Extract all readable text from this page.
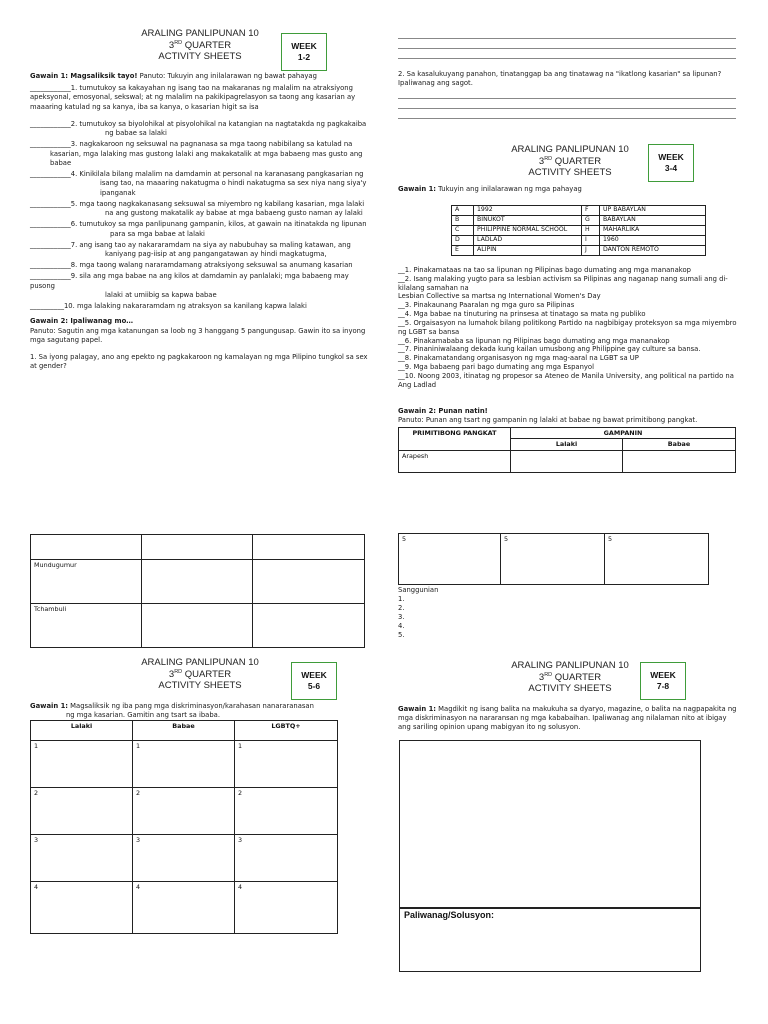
ARALING PANLIPUNAN 10
3RD QUARTER
ACTIVITY SHEETS
WEEK
1-2

Gawain 1: Magsaliksik tayo! Panuto: Tukuyin ang inilalarawan ng bawat pahayag

____________1. tumutukoy sa kakayahan ng isang tao na makaranas ng malalim na atraksiyong apeksyonal, emosyonal, sekswal; at ng malalim na pakikipagrelasyon sa taong ang kasarian ay maaaring katulad ng sa kanya, iba sa kanya, o kasarian higit sa isa

____________2. tumutukoy sa biyolohikal at pisyolohikal na katangian na nagtatakda ng pagkakaiba

ng babae sa lalaki

____________3. nagkakaroon ng seksuwal na pagnanasa sa mga taong nabibilang sa katulad na

kasarian, mga lalaking mas gustong lalaki ang makakatalik at mga babaeng mas gusto ang babae

____________4. Kinikilala bilang malalim na damdamin at personal na karanasang pangkasarian ng

isang tao, na maaaring nakatugma o hindi nakatugma sa sex niya nang siya'y ipanganak

____________5. mga taong nagkakanasang seksuwal sa miyembro ng kabilang kasarian, mga lalaki

na ang gustong makatalik ay babae at mga babaeng gusto naman ay lalaki

____________6. tumutukoy sa mga panlipunang gampanin, kilos, at gawain na itinatakda ng lipunan

para sa mga babae at lalaki

____________7. ang isang tao ay nakararamdam na siya ay nabubuhay sa maling katawan, ang

kaniyang pag-iisip at ang pangangatawan ay hindi magkatugma,

____________8. mga taong walang nararamdamang atraksiyong seksuwal sa anumang kasarian

____________9. sila ang mga babae na ang kilos at damdamin ay panlalaki; mga babaeng may pusong

lalaki at umiibig sa kapwa babae

__________10. mga lalaking nakararamdam ng atraksyon sa kanilang kapwa lalaki

Gawain 2: Ipaliwanag mo…

Panuto: Sagutin ang mga katanungan sa loob ng 3 hanggang 5 pangungusap. Gawin ito sa inyong mga sagutang papel.

1. Sa iyong palagay, ano ang epekto ng pagkakaroon ng kamalayan ng mga Pilipino tungkol sa sex at gender?

2. Sa kasalukuyang panahon, tinatanggap ba ang tinatawag na "ikatlong kasarian" sa lipunan? Ipaliwanag ang sagot.
ARALING PANLIPUNAN 10
3RD QUARTER
ACTIVITY SHEETS
WEEK
3-4
Gawain 1: Tukuyin ang inilalarawan ng mga pahayag
A	1992	F	UP BABAYLAN
B	BINUKOT	G	BABAYLAN
C	PHILIPPINE NORMAL SCHOOL	H	MAHARLIKA
D	LADLAD	I	1960
E	ALIPIN	J	DANTON REMOTO

__1. Pinakamataas na tao sa lipunan ng Pilipinas bago dumating ang mga mananakop

__2. Isang malaking yugto para sa lesbian activism sa Pilipinas ang naganap nang sumali ang di-kilalang samahan na

Lesbian Collective sa martsa ng International Women's Day

__3. Pinakaunang Paaralan ng mga guro sa Pilipinas

__4. Mga babae na tinuturing na prinsesa at tinatago sa mata ng publiko

__5. Orgaisasyon na lumahok bilang politikong Partido na nagbibigay proteksyon sa mga miyembro ng LGBT sa bansa

__6. Pinakamababa sa lipunan ng Pilipinas bago dumating ang mga mananakop

__7. Pinaniniwalaang dekada kung kailan umusbong ang Philippine gay culture sa bansa.

__8. Pinakamatandang organisasyon ng mga mag-aaral na LGBT sa UP

__9. Mga babaeng pari bago dumating ang mga Espanyol

__10. Noong 2003, itinatag ng propesor sa Ateneo de Manila University, ang political na partido na Ang Ladlad

Gawain 2: Punan natin!

Panuto: Punan ang tsart ng gampanin ng lalaki at babae ng bawat primitibong pangkat.

PRIMITIBONG PANGKAT	GAMPANIN	
	Lalaki	Babae
Arapesh		

Mundugumur		
Tchambuli		
5	5	5

Sanggunian

1.

2.

3.

4.

5.

ARALING PANLIPUNAN 10
3RD QUARTER
ACTIVITY SHEETS
WEEK
5-6

Gawain 1: Magsaliksik ng iba pang mga diskriminasyon/karahasan nanararanasan

ng mga kasarian. Gamitin ang tsart sa ibaba.

Lalaki	Babae	LGBTQ+
1	1	1
2	2	2
3	3	3
4	4	4
ARALING PANLIPUNAN 10
3RD QUARTER
ACTIVITY SHEETS
WEEK
7-8
Gawain 1: Magdikit ng isang balita na makukuha sa dyaryo, magazine, o balita na nagpapakita ng mga diskriminasyon na nararansan ng mga kababaihan. Ipaliwanag ang nilalaman nito at ibigay ang sariling opinion upang mabigyan ito ng solusyon.
Paliwanag/Solusyon:
